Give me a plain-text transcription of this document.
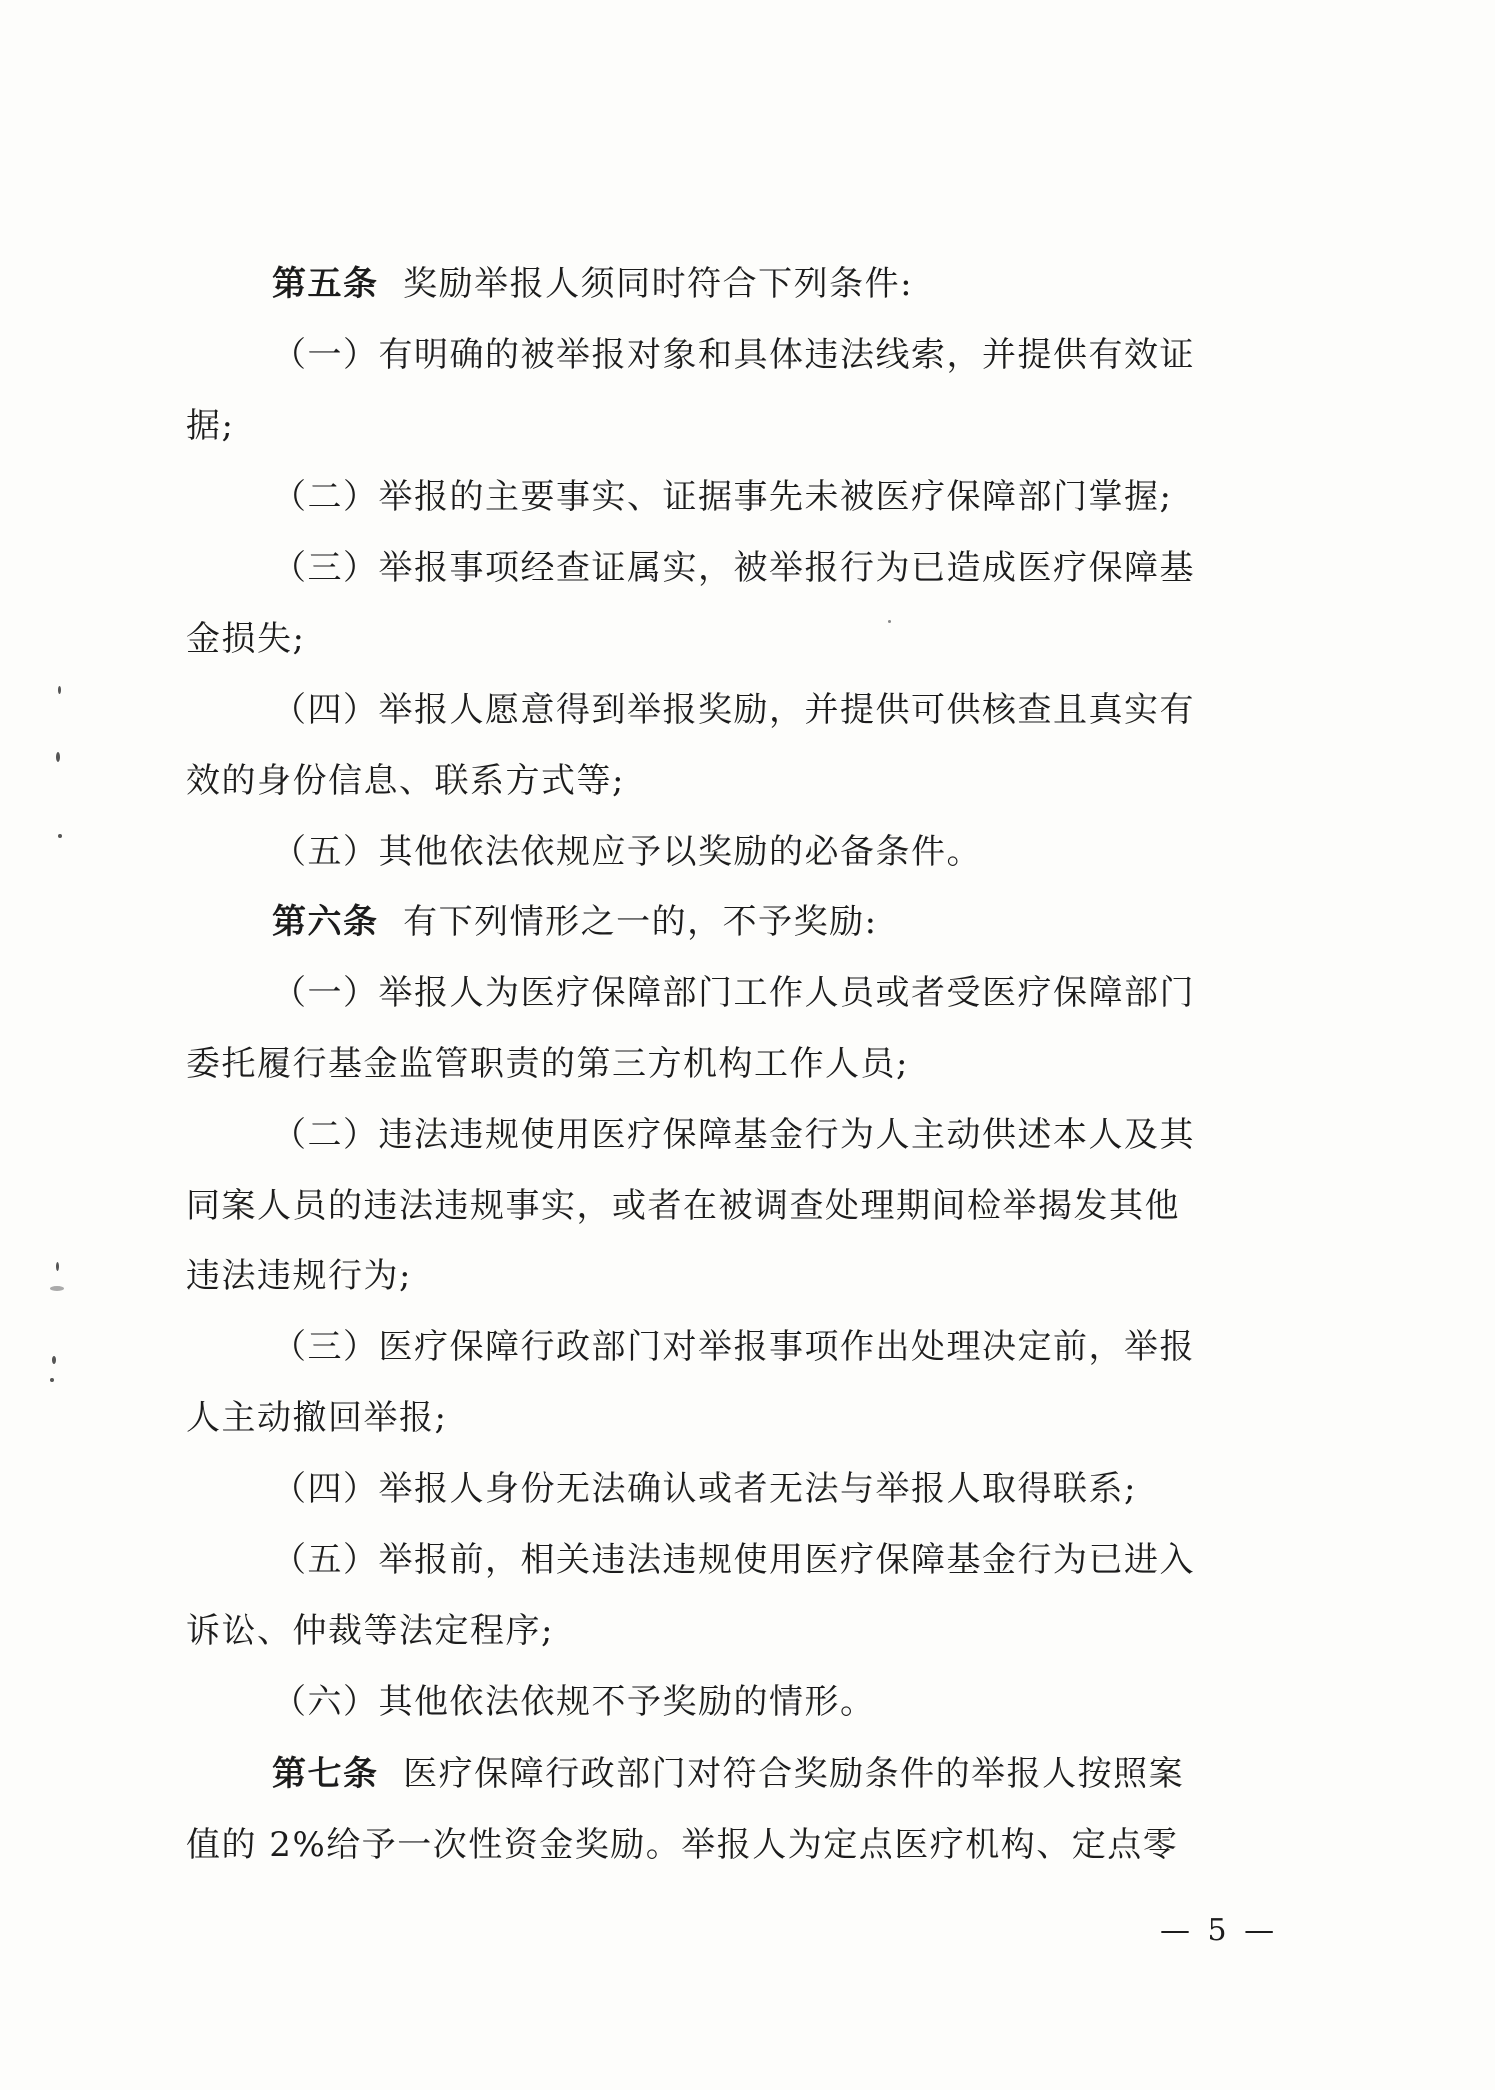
第五条 奖励举报人须同时符合下列条件:
（一）有明确的被举报对象和具体违法线索，并提供有效证
据;
（二）举报的主要事实、证据事先未被医疗保障部门掌握;
（三）举报事项经查证属实，被举报行为已造成医疗保障基
金损失;
（四）举报人愿意得到举报奖励，并提供可供核查且真实有
效的身份信息、联系方式等;
（五）其他依法依规应予以奖励的必备条件。
第六条 有下列情形之一的，不予奖励:
（一）举报人为医疗保障部门工作人员或者受医疗保障部门
委托履行基金监管职责的第三方机构工作人员;
（二）违法违规使用医疗保障基金行为人主动供述本人及其
同案人员的违法违规事实，或者在被调查处理期间检举揭发其他
违法违规行为;
（三）医疗保障行政部门对举报事项作出处理决定前，举报
人主动撤回举报;
（四）举报人身份无法确认或者无法与举报人取得联系;
（五）举报前，相关违法违规使用医疗保障基金行为已进入
诉讼、仲裁等法定程序;
（六）其他依法依规不予奖励的情形。
第七条 医疗保障行政部门对符合奖励条件的举报人按照案
值的 2%给予一次性资金奖励。举报人为定点医疗机构、定点零
— 5 —
